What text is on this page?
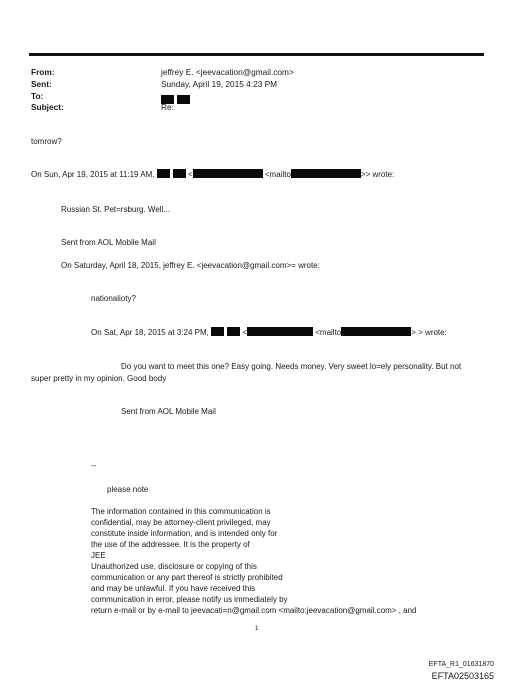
From:	jeffrey E. <jeevacation@gmail.com>
Sent:	Sunday, April 19, 2015 4:23 PM
To:
Subject:	Re:
tomrow?
On Sun, Apr 19, 2015 at 11:19 AM,	<	<mailto	>> wrote:
Russian St. Pet=rsburg. Well...
Sent from AOL Mobile Mail
On Saturday, April 18, 2015, jeffrey E. <jeevacation@gmail.com>= wrote:
nationalioty?
On Sat, Apr 18, 2015 at 3:24 PM,	<	<mailto	> > wrote:
Do you want to meet this one? Easy going. Needs money. Very sweet lo=ely personality. But not
super pretty in my opinion. Good body
Sent from AOL Mobile Mail
--
please note
The information contained in this communication is
confidential, may be attorney-client privileged, may
constitute inside information, and is intended only for
the use of the addressee. It is the property of
JEE
Unauthorized use, disclosure or copying of this
communication or any part thereof is strictly prohibited
and may be unlawful. If you have received this
communication in error, please notify us immediately by
return e-mail or by e-mail to jeevacati=n@gmail.com <mailto:jeevacation@gmail.com> , and
1
EFTA_R1_01631870
EFTA02503165
